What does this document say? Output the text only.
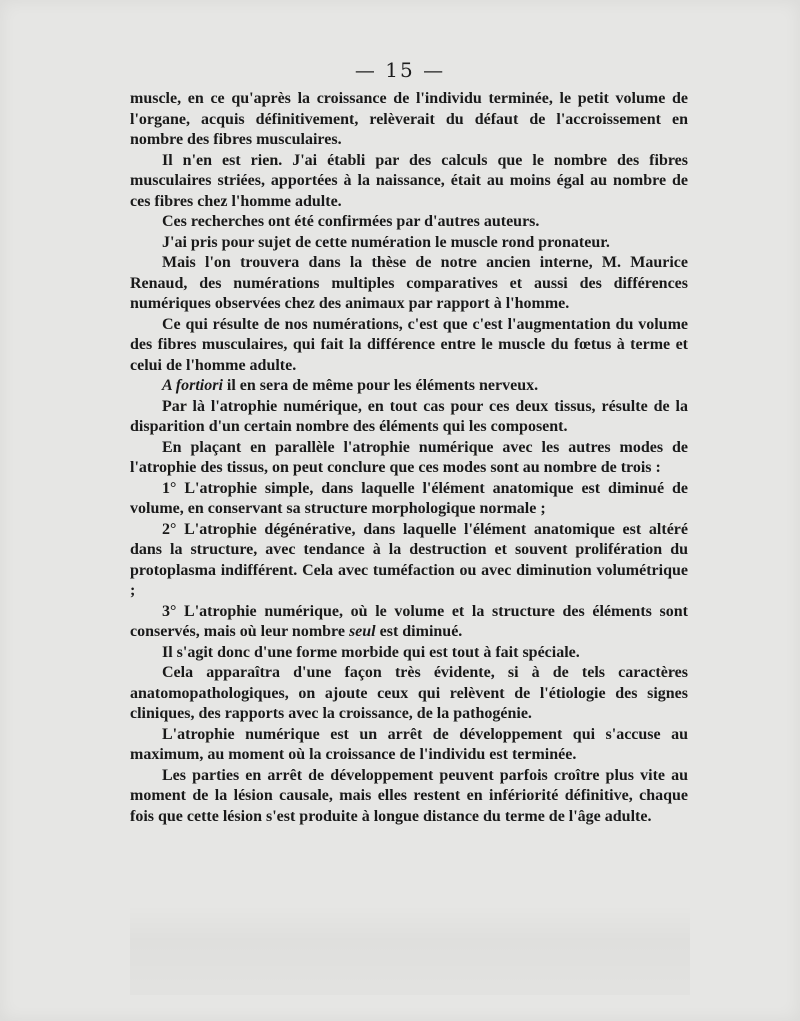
— 15 —

muscle, en ce qu'après la croissance de l'individu terminée, le petit volume de l'organe, acquis définitivement, relèverait du défaut de l'accroissement en nombre des fibres musculaires.

Il n'en est rien. J'ai établi par des calculs que le nombre des fibres musculaires striées, apportées à la naissance, était au moins égal au nombre de ces fibres chez l'homme adulte.

Ces recherches ont été confirmées par d'autres auteurs.

J'ai pris pour sujet de cette numération le muscle rond pronateur.

Mais l'on trouvera dans la thèse de notre ancien interne, M. Maurice Renaud, des numérations multiples comparatives et aussi des différences numériques observées chez des animaux par rapport à l'homme.

Ce qui résulte de nos numérations, c'est que c'est l'augmentation du volume des fibres musculaires, qui fait la différence entre le muscle du fœtus à terme et celui de l'homme adulte.

A fortiori il en sera de même pour les éléments nerveux.

Par là l'atrophie numérique, en tout cas pour ces deux tissus, résulte de la disparition d'un certain nombre des éléments qui les composent.

En plaçant en parallèle l'atrophie numérique avec les autres modes de l'atrophie des tissus, on peut conclure que ces modes sont au nombre de trois :

1° L'atrophie simple, dans laquelle l'élément anatomique est diminué de volume, en conservant sa structure morphologique normale ;

2° L'atrophie dégénérative, dans laquelle l'élément anatomique est altéré dans la structure, avec tendance à la destruction et souvent prolifération du protoplasma indifférent. Cela avec tuméfaction ou avec diminution volumétrique ;

3° L'atrophie numérique, où le volume et la structure des éléments sont conservés, mais où leur nombre seul est diminué.

Il s'agit donc d'une forme morbide qui est tout à fait spéciale.

Cela apparaîtra d'une façon très évidente, si à de tels caractères anatomopathologiques, on ajoute ceux qui relèvent de l'étiologie des signes cliniques, des rapports avec la croissance, de la pathogénie.

L'atrophie numérique est un arrêt de développement qui s'accuse au maximum, au moment où la croissance de l'individu est terminée.

Les parties en arrêt de développement peuvent parfois croître plus vite au moment de la lésion causale, mais elles restent en infériorité définitive, chaque fois que cette lésion s'est produite à longue distance du terme de l'âge adulte.
